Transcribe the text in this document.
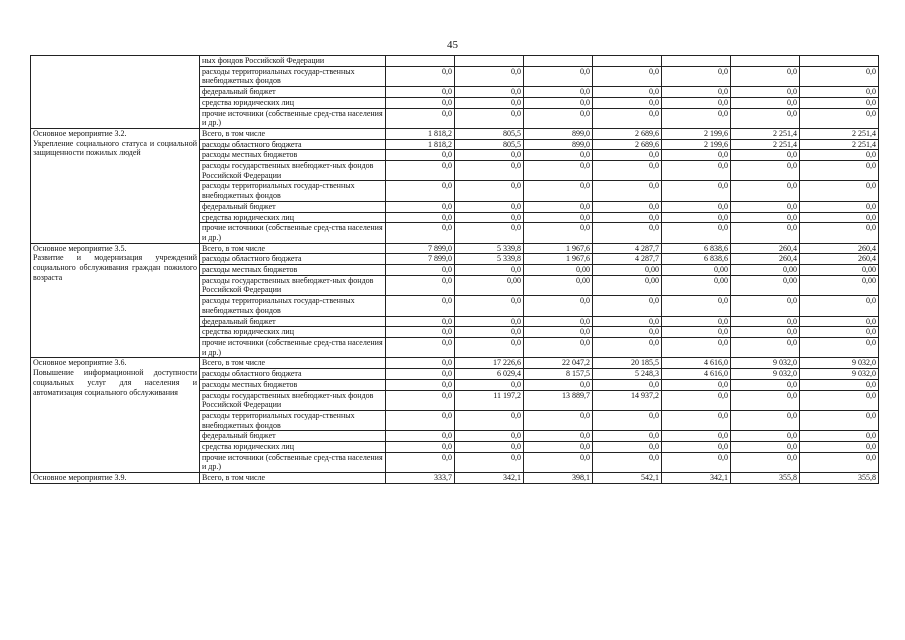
45
	ных фондов Российской Федерации							
	расходы территориальных государ-ственных внебюджетных фондов	0,0	0,0	0,0	0,0	0,0	0,0	0,0
	федеральный бюджет	0,0	0,0	0,0	0,0	0,0	0,0	0,0
	средства юридических лиц	0,0	0,0	0,0	0,0	0,0	0,0	0,0
	прочие источники (собственные сред-ства населения и др.)	0,0	0,0	0,0	0,0	0,0	0,0	0,0

Основное мероприятие 3.2.
Укрепление социального статуса и социальной защищенности пожилых людей	Всего, в том числе	1 818,2	805,5	899,0	2 689,6	2 199,6	2 251,4	2 251,4
	расходы областного бюджета	1 818,2	805,5	899,0	2 689,6	2 199,6	2 251,4	2 251,4
	расходы местных бюджетов	0,0	0,0	0,0	0,0	0,0	0,0	0,0
	расходы государственных внебюджет-ных фондов Российской Федерации	0,0	0,0	0,0	0,0	0,0	0,0	0,0
	расходы территориальных государ-ственных внебюджетных фондов	0,0	0,0	0,0	0,0	0,0	0,0	0,0
	федеральный бюджет	0,0	0,0	0,0	0,0	0,0	0,0	0,0
	средства юридических лиц	0,0	0,0	0,0	0,0	0,0	0,0	0,0
	прочие источники (собственные сред-ства населения и др.)	0,0	0,0	0,0	0,0	0,0	0,0	0,0

Основное мероприятие 3.5.
Развитие и модернизация учреждений социального обслуживания граждан пожилого возраста	Всего, в том числе	7 899,0	5 339,8	1 967,6	4 287,7	6 838,6	260,4	260,4
	расходы областного бюджета	7 899,0	5 339,8	1 967,6	4 287,7	6 838,6	260,4	260,4
	расходы местных бюджетов	0,0	0,0	0,00	0,00	0,00	0,00	0,00
	расходы государственных внебюджет-ных фондов Российской Федерации	0,0	0,00	0,00	0,00	0,00	0,00	0,00
	расходы территориальных государ-ственных внебюджетных фондов	0,0	0,0	0,0	0,0	0,0	0,0	0,0
	федеральный бюджет	0,0	0,0	0,0	0,0	0,0	0,0	0,0
	средства юридических лиц	0,0	0,0	0,0	0,0	0,0	0,0	0,0
	прочие источники (собственные сред-ства населения и др.)	0,0	0,0	0,0	0,0	0,0	0,0	0,0

Основное мероприятие 3.6.
Повышение информационной доступности социальных услуг для населения и автоматизация социального обслуживания	Всего, в том числе	0,0	17 226,6	22 047,2	20 185,5	4 616,0	9 032,0	9 032,0
	расходы областного бюджета	0,0	6 029,4	8 157,5	5 248,3	4 616,0	9 032,0	9 032,0
	расходы местных бюджетов	0,0	0,0	0,0	0,0	0,0	0,0	0,0
	расходы государственных внебюджет-ных фондов Российской Федерации	0,0	11 197,2	13 889,7	14 937,2	0,0	0,0	0,0
	расходы территориальных государ-ственных внебюджетных фондов	0,0	0,0	0,0	0,0	0,0	0,0	0,0
	федеральный бюджет	0,0	0,0	0,0	0,0	0,0	0,0	0,0
	средства юридических лиц	0,0	0,0	0,0	0,0	0,0	0,0	0,0
	прочие источники (собственные сред-ства населения и др.)	0,0	0,0	0,0	0,0	0,0	0,0	0,0

Основное мероприятие 3.9.	Всего, в том числе	333,7	342,1	398,1	542,1	342,1	355,8	355,8
